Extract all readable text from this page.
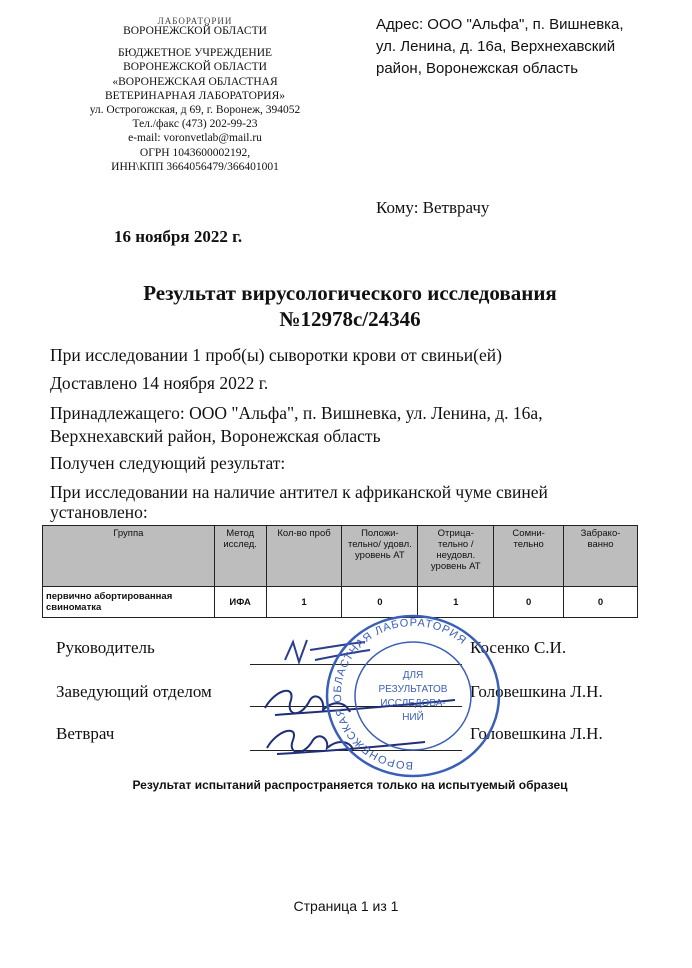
ЛАБОРАТОРИИ
ВОРОНЕЖСКОЙ ОБЛАСТИ
БЮДЖЕТНОЕ УЧРЕЖДЕНИЕ
ВОРОНЕЖСКОЙ ОБЛАСТИ
«ВОРОНЕЖСКАЯ ОБЛАСТНАЯ
ВЕТЕРИНАРНАЯ ЛАБОРАТОРИЯ»
ул. Острогожская, д 69, г. Воронеж, 394052
Тел./факс (473) 202-99-23
e-mail: voronvetlab@mail.ru
ОГРН 1043600002192,
ИНН\КПП 3664056479/366401001
Адрес: ООО "Альфа", п. Вишневка,
ул. Ленина, д. 16а, Верхнехавский
район, Воронежская область
Кому: Ветврачу
16 ноября 2022 г.
Результат вирусологического исследования
№12978с/24346
При исследовании 1 проб(ы) сыворотки крови от свиньи(ей)
Доставлено 14 ноября 2022 г.
Принадлежащего: ООО "Альфа", п. Вишневка, ул. Ленина, д. 16а,
Верхнехавский район, Воронежская область
Получен следующий результат:
При исследовании на наличие антител к африканской чуме свиней
установлено:
Группа	Метод исслед.	Кол-во проб	Положи- тельно/ удовл. уровень АТ	Отрица- тельно / неудовл. уровень АТ	Сомни- тельно	Забрако- ванно
первично абортированная свиноматка	ИФА	1	0	1	0	0
Руководитель	Косенко С.И.
Заведующий отделом	Головешкина Л.Н.
Ветврач	Головешкина Л.Н.
ВОРОНЕЖСКАЯ ОБЛАСТНАЯ ЛАБОРАТОРИЯ
ДЛЯ
РЕЗУЛЬТАТОВ
ИССЛЕДОВА-
НИЙ
Результат испытаний распространяется только на испытуемый образец
Страница 1 из 1
